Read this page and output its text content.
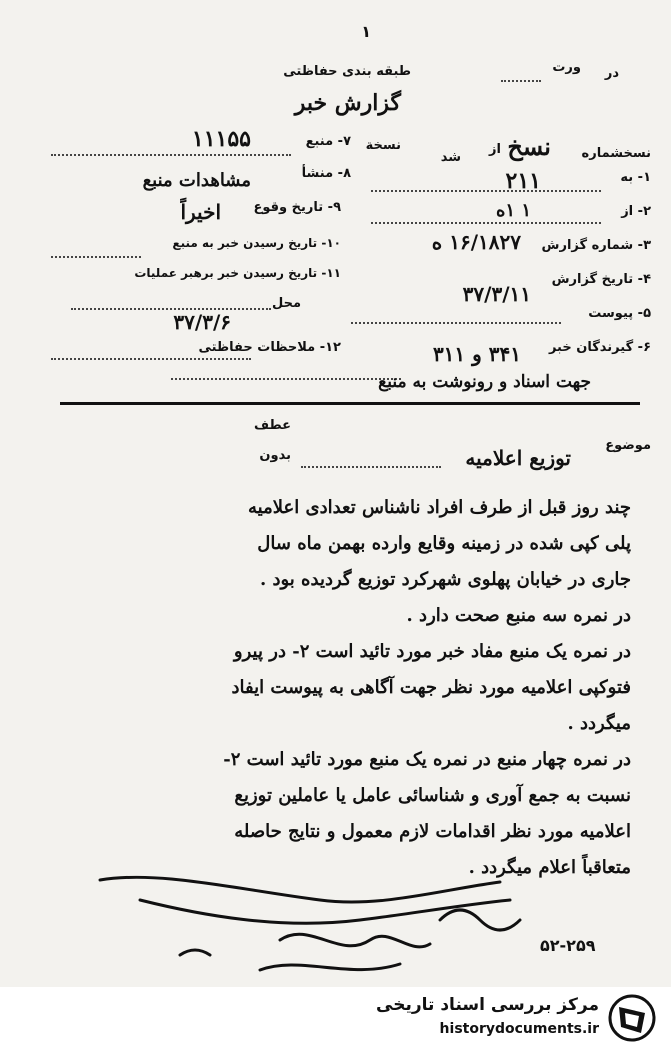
۱
طبقه بندی حفاظتی	در
ورت
گزارش خبر
نسخشماره
نسخ
از
شد
نسخة
۷- منبع
۱۱۱۵۵
۸- منشأ
مشاهدات منبع
۹- تاریخ وقوع
اخیراً
۱۰- تاریخ رسیدن خبر به منبع
۱۱- تاریخ رسیدن خبر برهبر عملیات
محل
۳۷/۳/۶
۱۲- ملاحظات حفاظتی
۱- به
۲۱۱
۲- از
۱ ۱ه
۳- شماره گزارش
۱۶/۱۸۲۷ ه
۴- تاریخ گزارش
۳۷/۳/۱۱
۵- پیوست
۶- گیرندگان خبر
۳۴۱ و ۳۱۱
جهت اسناد و رونوشت به منبع
عطف
موضوع
توزیع اعلامیه
بدون
چند روز قبل از طرف افراد ناشناس تعدادی اعلامیه
پلی کپی شده در زمینه وقایع وارده بهمن ماه سال
جاری در خیابان پهلوی شهرکرد توزیع گردیده بود .
در نمره سه منبع صحت دارد .
در نمره یک منبع مفاد خبر مورد تائید است ۲- در پیرو
فتوکپی اعلامیه مورد نظر جهت آگاهی به پیوست ایفاد
میگردد .
در نمره چهار منبع در نمره یک منبع مورد تائید است ۲-
نسبت به جمع آوری و شناسائی عامل یا عاملین توزیع
اعلامیه مورد نظر اقدامات لازم معمول و نتایج حاصله
متعاقباً اعلام میگردد .
۵۲-۲۵۹
مرکز بررسی اسناد تاریخی
historydocuments.ir
